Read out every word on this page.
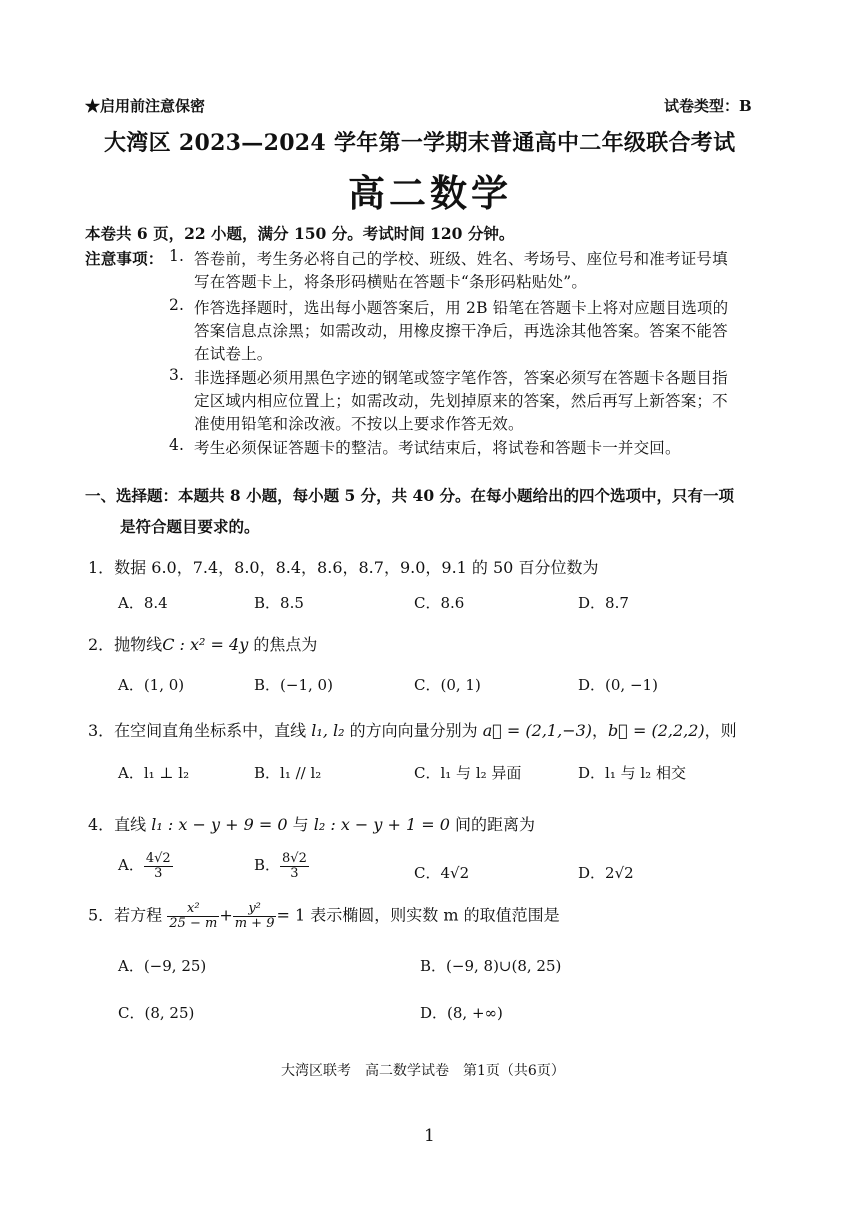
★启用前注意保密	试卷类型：B
大湾区 2023—2024 学年第一学期末普通高中二年级联合考试
高二数学
本卷共 6 页，22 小题，满分 150 分。考试时间 120 分钟。
注意事项： 1. 答卷前，考生务必将自己的学校、班级、姓名、考场号、座位号和准考证号填
写在答题卡上，将条形码横贴在答题卡“条形码粘贴处”。
2. 作答选择题时，选出每小题答案后，用 2B 铅笔在答题卡上将对应题目选项的
答案信息点涂黑；如需改动，用橡皮擦干净后，再选涂其他答案。答案不能答
在试卷上。
3. 非选择题必须用黑色字迹的钢笔或签字笔作答，答案必须写在答题卡各题目指
定区域内相应位置上；如需改动，先划掉原来的答案，然后再写上新答案；不
准使用铅笔和涂改液。不按以上要求作答无效。
4. 考生必须保证答题卡的整洁。考试结束后，将试卷和答题卡一并交回。
一、选择题：本题共 8 小题，每小题 5 分，共 40 分。在每小题给出的四个选项中，只有一项
是符合题目要求的。
1．数据 6.0，7.4，8.0，8.4，8.6，8.7，9.0，9.1 的 50 百分位数为
A．8.4	B．8.5	C．8.6	D．8.7
2．抛物线C : x² = 4y 的焦点为
A．(1, 0)	B．(−1, 0)	C．(0, 1)	D．(0, −1)
3．在空间直角坐标系中，直线 l₁, l₂ 的方向向量分别为 a⃗ = (2,1,−3)，b⃗ = (2,2,2)，则
A．l₁ ⊥ l₂	B．l₁ // l₂	C．l₁ 与 l₂ 异面	D．l₁ 与 l₂ 相交
4．直线 l₁ : x − y + 9 = 0 与 l₂ : x − y + 1 = 0 间的距离为
A． $\frac{4√2}{3}$	B． $\frac{8√2}{3}$	C．4√2	D．2√2
5．若方程 $\frac{\text{x²}}{25 - m} + \frac{\text{y²}}{m + 9} = 1$ 表示椭圆，则实数 m 的取值范围是
A．(−9, 25)	B．(−9, 8)∪(8, 25)
C．(8, 25)	D．(8, +∞)
大湾区联考　高二数学试卷　第1页（共6页）
1
